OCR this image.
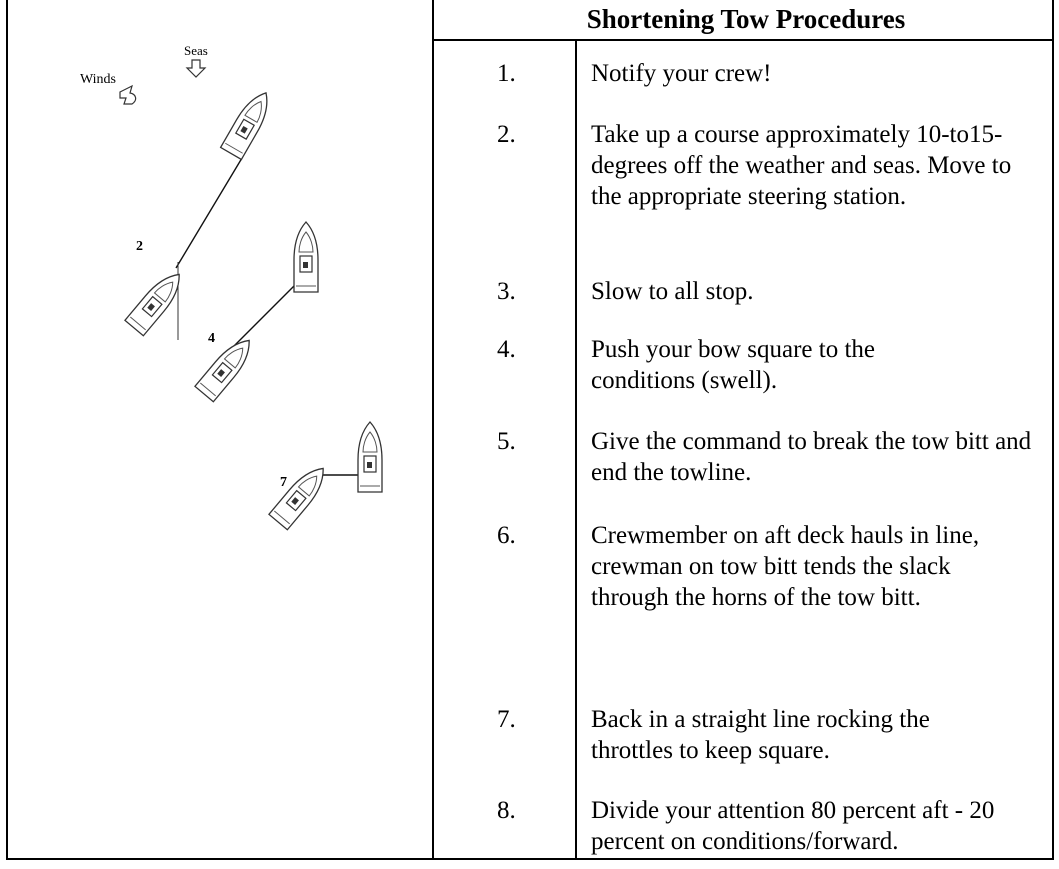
Shortening Tow Procedures
1.	Notify your crew!
2.	Take up a course approximately 10-to15-degrees off the weather and seas. Move to the appropriate steering station.
3.	Slow to all stop.
4.	Push your bow square to the conditions (swell).
5.	Give the command to break the tow bitt and end the towline.
6.	Crewmember on aft deck hauls in line, crewman on tow bitt tends the slack through the horns of the tow bitt.
7.	Back in a straight line rocking the throttles to keep square.
8.	Divide your attention 80 percent aft - 20 percent on conditions/forward.
Seas
Winds
2
4
7
